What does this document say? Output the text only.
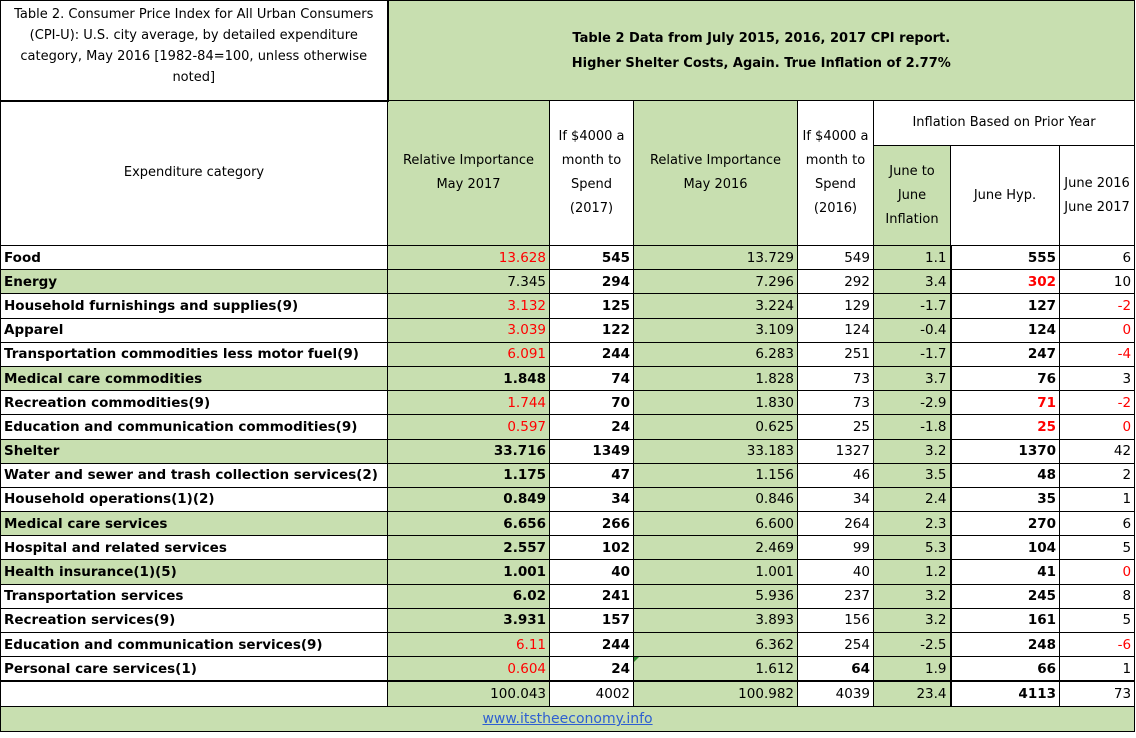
Table 2. Consumer Price Index for All Urban Consumers (CPI-U): U.S. city average, by detailed expenditure category, May 2016 [1982-84=100, unless otherwise noted]	Table 2 Data from July 2015, 2016, 2017 CPI report.
Higher Shelter Costs, Again. True Inflation of 2.77%						

Expenditure category	Relative Importance May 2017	If $4000 a month to Spend (2017)	Relative Importance May 2016	If $4000 a month to Spend (2016)	Inflation Based on Prior Year		
					June to June Inflation	June Hyp.	June 2016 June 2017
Food	13.628	545	13.729	549	1.1	555	6
Energy	7.345	294	7.296	292	3.4	302	10
Household furnishings and supplies(9)	3.132	125	3.224	129	-1.7	127	-2
Apparel	3.039	122	3.109	124	-0.4	124	0
Transportation commodities less motor fuel(9)	6.091	244	6.283	251	-1.7	247	-4
Medical care commodities	1.848	74	1.828	73	3.7	76	3
Recreation commodities(9)	1.744	70	1.830	73	-2.9	71	-2
Education and communication commodities(9)	0.597	24	0.625	25	-1.8	25	0
Shelter	33.716	1349	33.183	1327	3.2	1370	42
Water and sewer and trash collection services(2)	1.175	47	1.156	46	3.5	48	2
Household operations(1)(2)	0.849	34	0.846	34	2.4	35	1
Medical care services	6.656	266	6.600	264	2.3	270	6
Hospital and related services	2.557	102	2.469	99	5.3	104	5
Health insurance(1)(5)	1.001	40	1.001	40	1.2	41	0
Transportation services	6.02	241	5.936	237	3.2	245	8
Recreation services(9)	3.931	157	3.893	156	3.2	161	5
Education and communication services(9)	6.11	244	6.362	254	-2.5	248	-6
Personal care services(1)	0.604	24	1.612	64	1.9	66	1
	100.043	4002	100.982	4039	23.4	4113	73
www.itstheeconomy.info							
